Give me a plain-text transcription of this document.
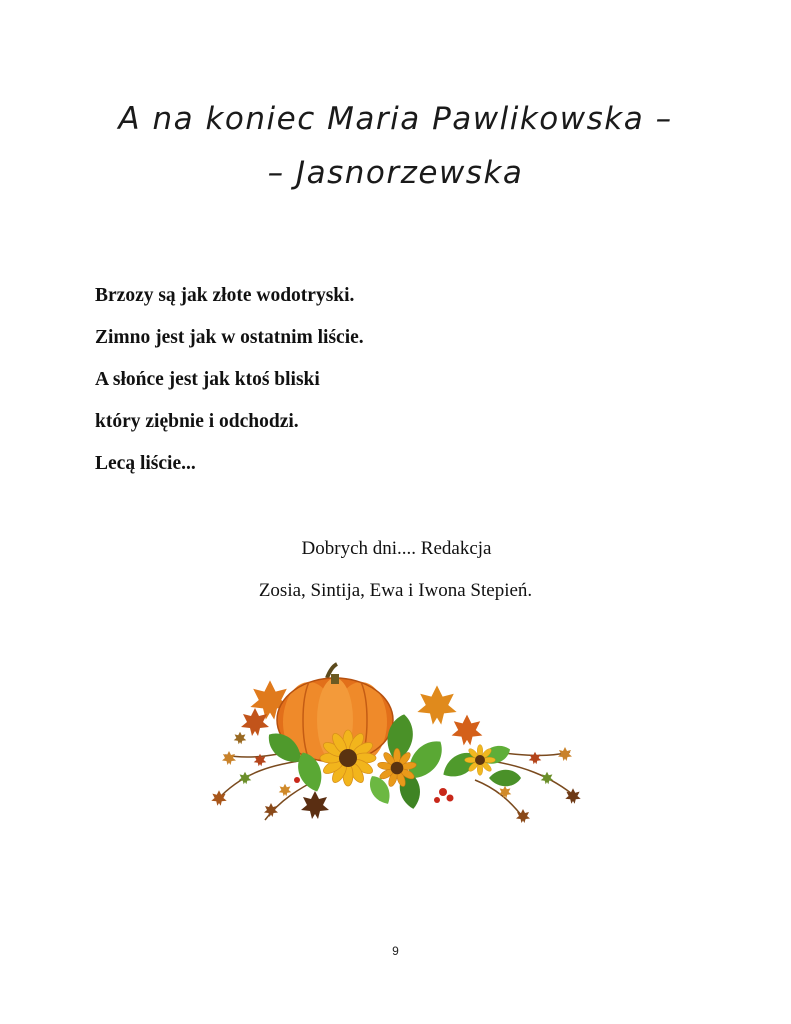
A na koniec Maria Pawlikowska –
– Jasnorzewska
Brzozy są jak złote wodotryski.
Zimno jest jak w ostatnim liście.
A słońce jest jak ktoś bliski
który ziębnie i odchodzi.
Lecą liście...
Dobrych dni.... Redakcja
Zosia, Sintija, Ewa i Iwona Stepień.
9
